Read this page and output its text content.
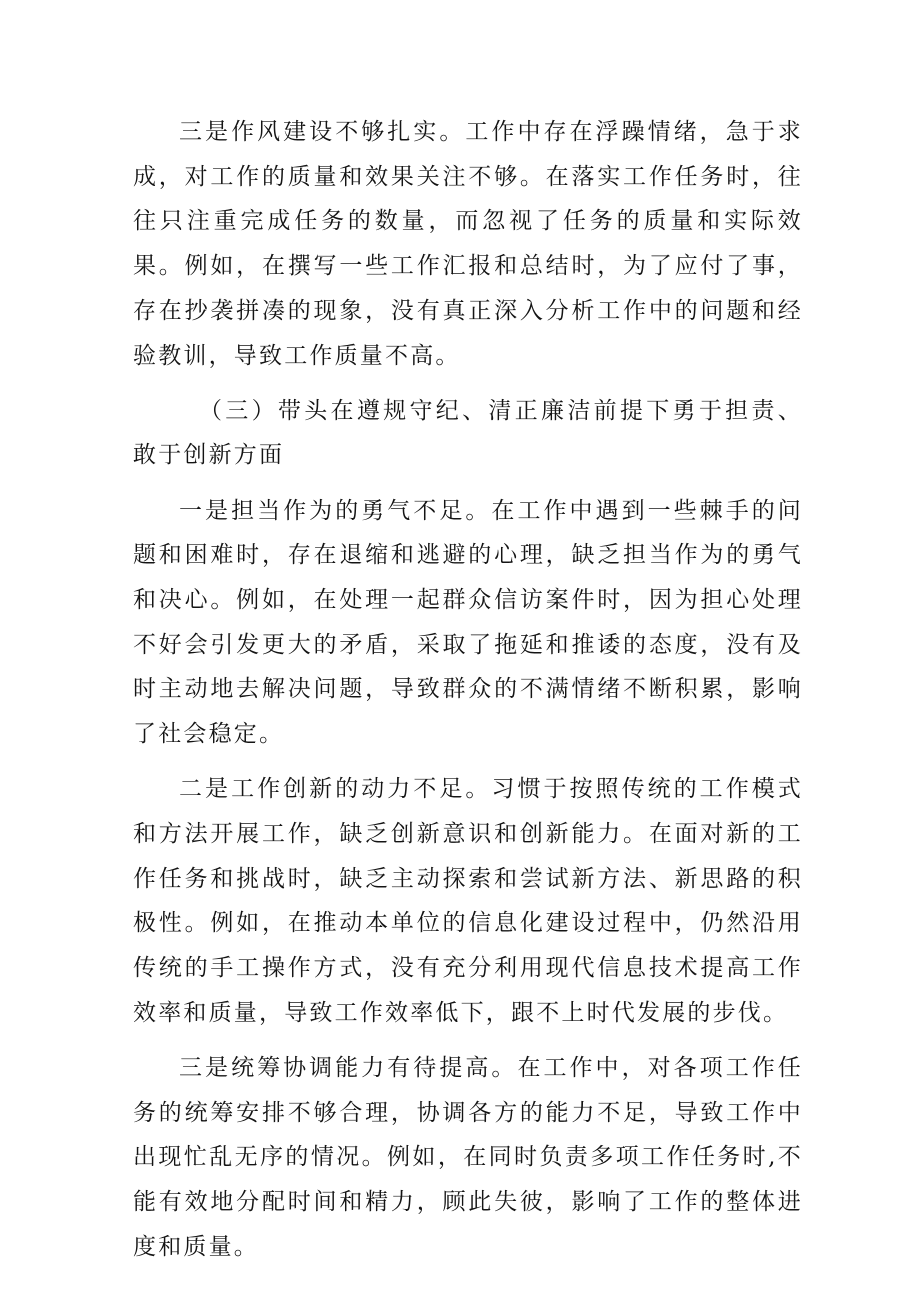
三是作风建设不够扎实。工作中存在浮躁情绪，急于求成，对工作的质量和效果关注不够。在落实工作任务时，往往只注重完成任务的数量，而忽视了任务的质量和实际效果。例如，在撰写一些工作汇报和总结时，为了应付了事，存在抄袭拼凑的现象，没有真正深入分析工作中的问题和经验教训，导致工作质量不高。

（三）带头在遵规守纪、清正廉洁前提下勇于担责、敢于创新方面

一是担当作为的勇气不足。在工作中遇到一些棘手的问题和困难时，存在退缩和逃避的心理，缺乏担当作为的勇气和决心。例如，在处理一起群众信访案件时，因为担心处理不好会引发更大的矛盾，采取了拖延和推诿的态度，没有及时主动地去解决问题，导致群众的不满情绪不断积累，影响了社会稳定。

二是工作创新的动力不足。习惯于按照传统的工作模式和方法开展工作，缺乏创新意识和创新能力。在面对新的工作任务和挑战时，缺乏主动探索和尝试新方法、新思路的积极性。例如，在推动本单位的信息化建设过程中，仍然沿用传统的手工操作方式，没有充分利用现代信息技术提高工作效率和质量，导致工作效率低下，跟不上时代发展的步伐。

三是统筹协调能力有待提高。在工作中，对各项工作任务的统筹安排不够合理，协调各方的能力不足，导致工作中出现忙乱无序的情况。例如，在同时负责多项工作任务时,不能有效地分配时间和精力，顾此失彼，影响了工作的整体进度和质量。
